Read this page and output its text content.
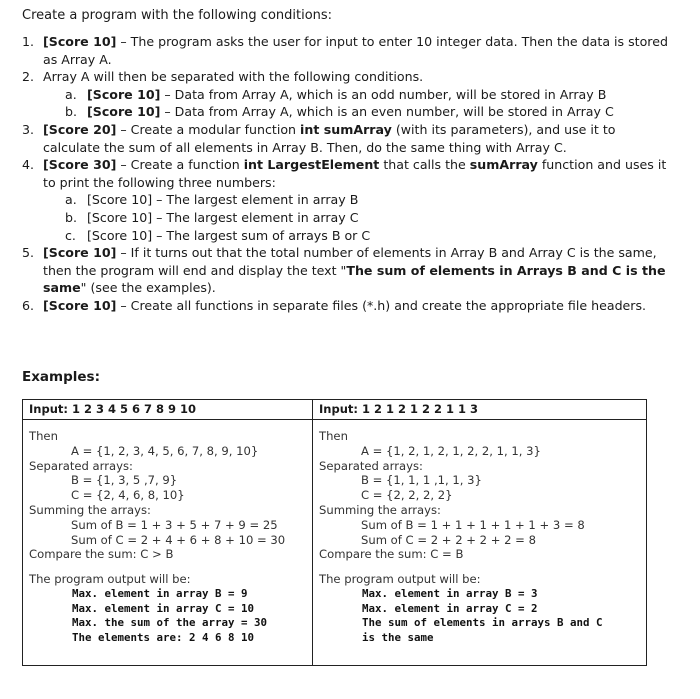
Create a program with the following conditions:
1. [Score 10] – The program asks the user for input to enter 10 integer data. Then the data is stored as Array A.
2. Array A will then be separated with the following conditions.
a. [Score 10] – Data from Array A, which is an odd number, will be stored in Array B
b. [Score 10] – Data from Array A, which is an even number, will be stored in Array C
3. [Score 20] – Create a modular function int sumArray (with its parameters), and use it to calculate the sum of all elements in Array B. Then, do the same thing with Array C.
4. [Score 30] – Create a function int LargestElement that calls the sumArray function and uses it to print the following three numbers:
a. [Score 10] – The largest element in array B
b. [Score 10] – The largest element in array C
c. [Score 10] – The largest sum of arrays B or C
5. [Score 10] – If it turns out that the total number of elements in Array B and Array C is the same, then the program will end and display the text "The sum of elements in Arrays B and C is the same" (see the examples).
6. [Score 10] – Create all functions in separate files (*.h) and create the appropriate file headers.
Examples:
Input: 1 2 3 4 5 6 7 8 9 10
Then
A = {1, 2, 3, 4, 5, 6, 7, 8, 9, 10}
Separated arrays:
B = {1, 3, 5 ,7, 9}
C = {2, 4, 6, 8, 10}
Summing the arrays:
Sum of B = 1 + 3 + 5 + 7 + 9 = 25
Sum of C = 2 + 4 + 6 + 8 + 10 = 30
Compare the sum: C > B
The program output will be:
Max. element in array B = 9
Max. element in array C = 10
Max. the sum of the array = 30
The elements are: 2 4 6 8 10
Input: 1 2 1 2 1 2 2 1 1 3
Then
A = {1, 2, 1, 2, 1, 2, 2, 1, 1, 3}
Separated arrays:
B = {1, 1, 1 ,1, 1, 3}
C = {2, 2, 2, 2}
Summing the arrays:
Sum of B = 1 + 1 + 1 + 1 + 1 + 3 = 8
Sum of C = 2 + 2 + 2 + 2 = 8
Compare the sum: C = B
The program output will be:
Max. element in array B = 3
Max. element in array C = 2
The sum of elements in arrays B and C
is the same
